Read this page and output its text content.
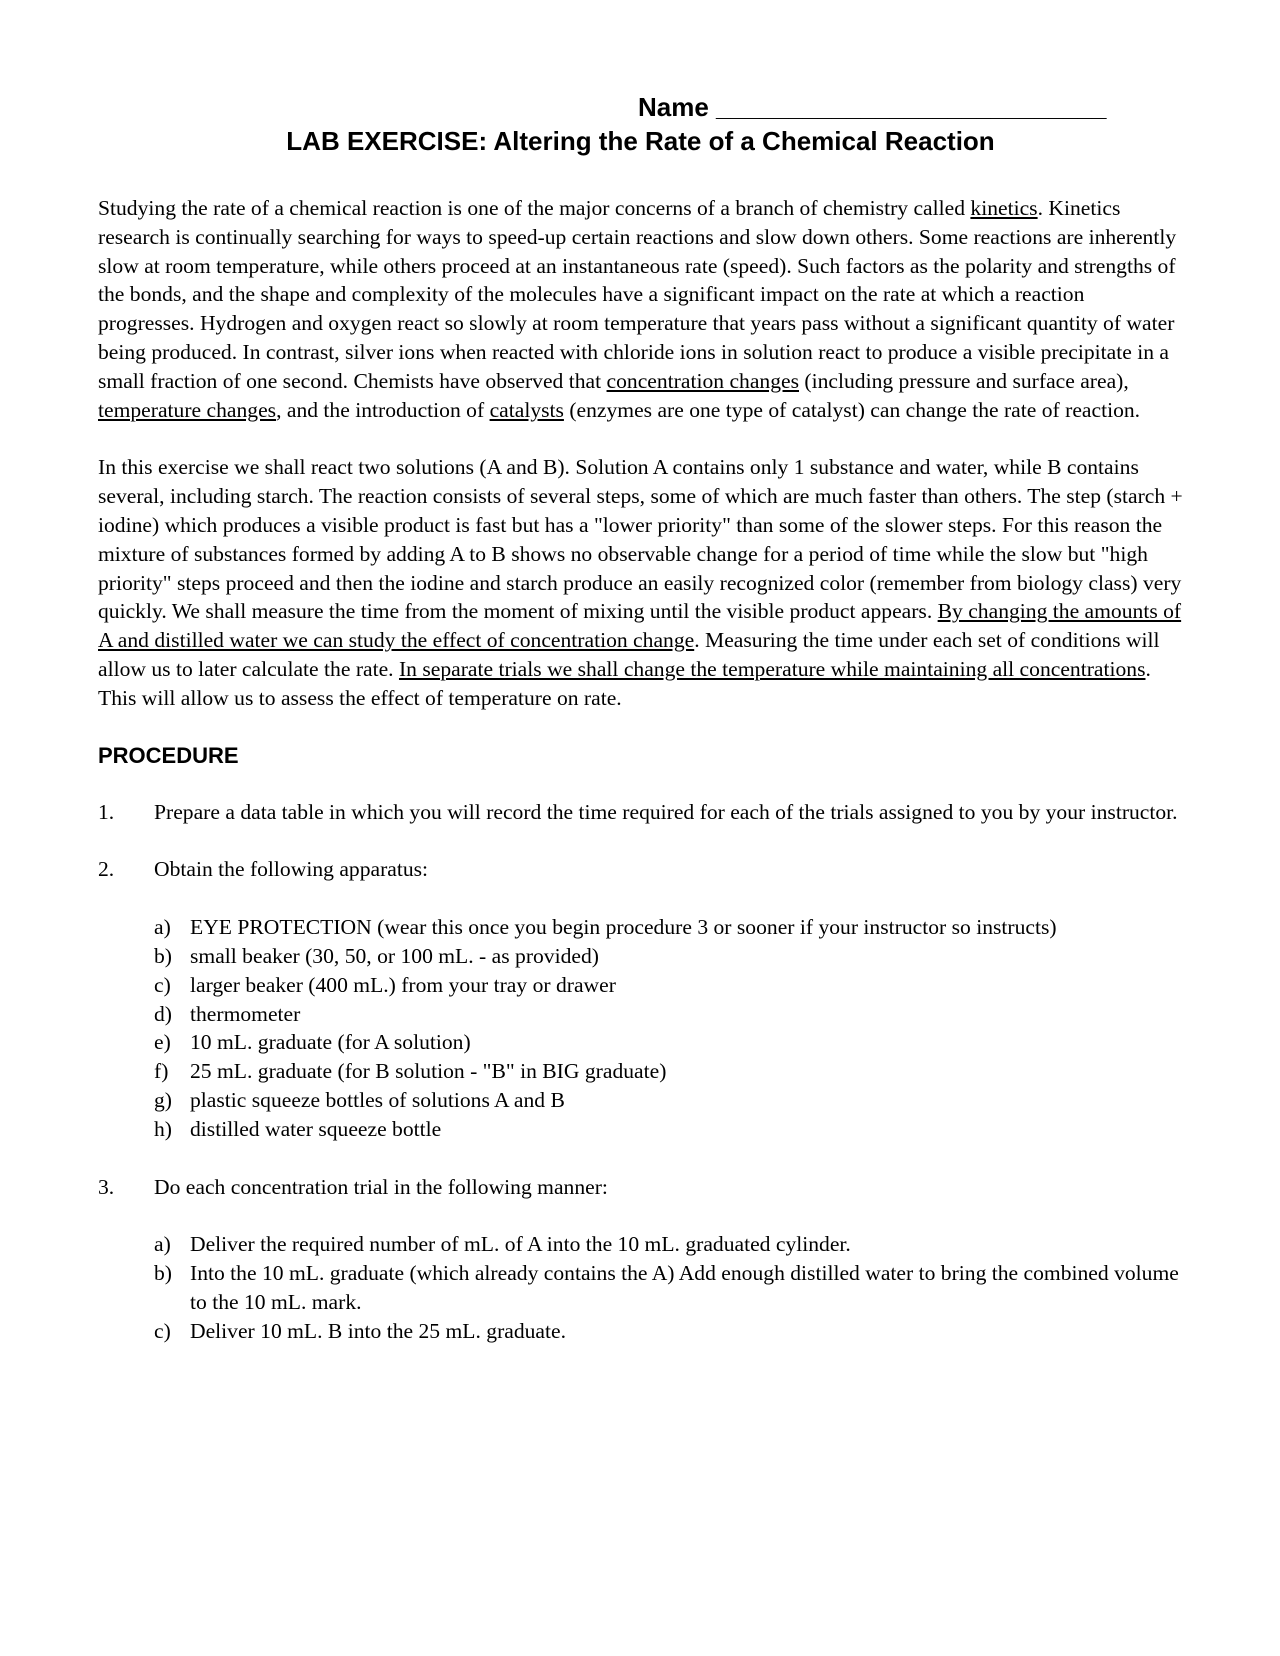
Name ___________________________
LAB EXERCISE: Altering the Rate of a Chemical Reaction

Studying the rate of a chemical reaction is one of the major concerns of a branch of chemistry called kinetics. Kinetics research is continually searching for ways to speed-up certain reactions and slow down others. Some reactions are inherently slow at room temperature, while others proceed at an instantaneous rate (speed). Such factors as the polarity and strengths of the bonds, and the shape and complexity of the molecules have a significant impact on the rate at which a reaction progresses. Hydrogen and oxygen react so slowly at room temperature that years pass without a significant quantity of water being produced. In contrast, silver ions when reacted with chloride ions in solution react to produce a visible precipitate in a small fraction of one second. Chemists have observed that concentration changes (including pressure and surface area), temperature changes, and the introduction of catalysts (enzymes are one type of catalyst) can change the rate of reaction.

In this exercise we shall react two solutions (A and B). Solution A contains only 1 substance and water, while B contains several, including starch. The reaction consists of several steps, some of which are much faster than others. The step (starch + iodine) which produces a visible product is fast but has a "lower priority" than some of the slower steps. For this reason the mixture of substances formed by adding A to B shows no observable change for a period of time while the slow but "high priority" steps proceed and then the iodine and starch produce an easily recognized color (remember from biology class) very quickly. We shall measure the time from the moment of mixing until the visible product appears. By changing the amounts of A and distilled water we can study the effect of concentration change. Measuring the time under each set of conditions will allow us to later calculate the rate. In separate trials we shall change the temperature while maintaining all concentrations. This will allow us to assess the effect of temperature on rate.

PROCEDURE
1.	Prepare a data table in which you will record the time required for each of the trials assigned to you by your instructor.
2.	Obtain the following apparatus:
a) EYE PROTECTION (wear this once you begin procedure 3 or sooner if your instructor so instructs)
b) small beaker (30, 50, or 100 mL. - as provided)
c) larger beaker (400 mL.) from your tray or drawer
d) thermometer
e) 10 mL. graduate (for A solution)
f)	25 mL. graduate (for B solution - "B" in BIG graduate)
g) plastic squeeze bottles of solutions A and B
h) distilled water squeeze bottle
3.	Do each concentration trial in the following manner:
a) Deliver the required number of mL. of A into the 10 mL. graduated cylinder.
b) Into the 10 mL. graduate (which already contains the A) Add enough distilled water to bring the combined volume to the 10 mL. mark.
c) Deliver 10 mL. B into the 25 mL. graduate.
